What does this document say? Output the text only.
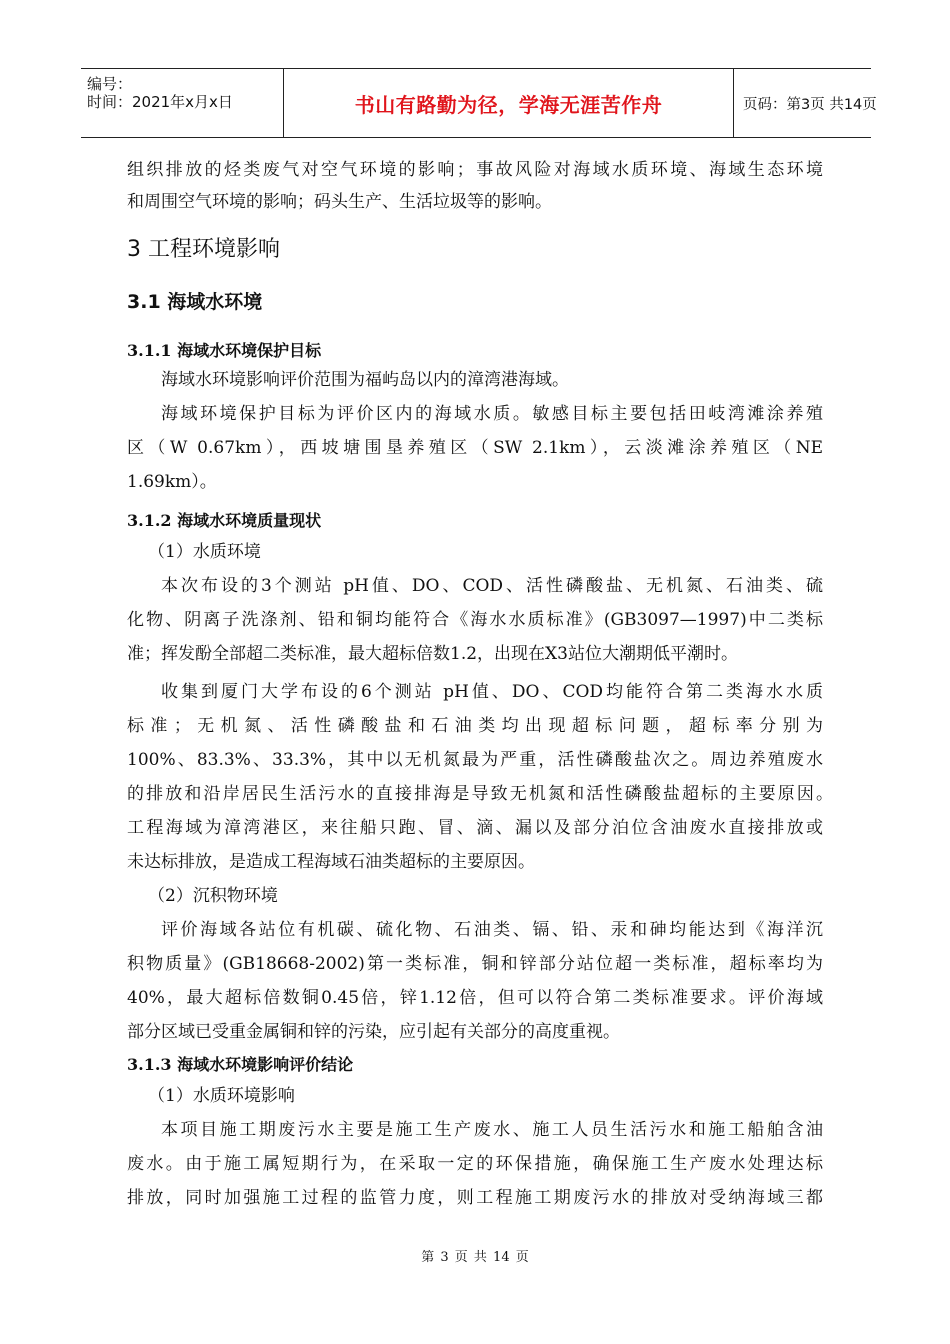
编号：
时间：2021年x月x日	书山有路勤为径，学海无涯苦作舟	页码：第3页 共14页
组织排放的烃类废气对空气环境的影响；事故风险对海域水质环境、海域生态环境
和周围空气环境的影响；码头生产、生活垃圾等的影响。
3 工程环境影响
3.1 海域水环境
3.1.1 海域水环境保护目标
海域水环境影响评价范围为福屿岛以内的漳湾港海域。
海域环境保护目标为评价区内的海域水质。敏感目标主要包括田岐湾滩涂养殖
区（W 0.67km），西坡塘围垦养殖区（SW 2.1km），云淡滩涂养殖区（NE
1.69km）。
3.1.2 海域水环境质量现状
（1）水质环境
本次布设的3个测站 pH值、DO、COD、活性磷酸盐、无机氮、石油类、硫
化物、阴离子洗涤剂、铅和铜均能符合《海水水质标准》(GB3097—1997)中二类标
准；挥发酚全部超二类标准，最大超标倍数1.2，出现在X3站位大潮期低平潮时。
收集到厦门大学布设的6个测站 pH值、DO、COD均能符合第二类海水水质
标准；无机氮、活性磷酸盐和石油类均出现超标问题，超标率分别为
100%、83.3%、33.3%，其中以无机氮最为严重，活性磷酸盐次之。周边养殖废水
的排放和沿岸居民生活污水的直接排海是导致无机氮和活性磷酸盐超标的主要原因。
工程海域为漳湾港区，来往船只跑、冒、滴、漏以及部分泊位含油废水直接排放或
未达标排放，是造成工程海域石油类超标的主要原因。
（2）沉积物环境
评价海域各站位有机碳、硫化物、石油类、镉、铅、汞和砷均能达到《海洋沉
积物质量》(GB18668-2002)第一类标准，铜和锌部分站位超一类标准，超标率均为
40%，最大超标倍数铜0.45倍，锌1.12倍，但可以符合第二类标准要求。评价海域
部分区域已受重金属铜和锌的污染，应引起有关部分的高度重视。
3.1.3 海域水环境影响评价结论
（1）水质环境影响
本项目施工期废污水主要是施工生产废水、施工人员生活污水和施工船舶含油
废水。由于施工属短期行为，在采取一定的环保措施，确保施工生产废水处理达标
排放，同时加强施工过程的监管力度，则工程施工期废污水的排放对受纳海域三都
第 3 页 共 14 页
